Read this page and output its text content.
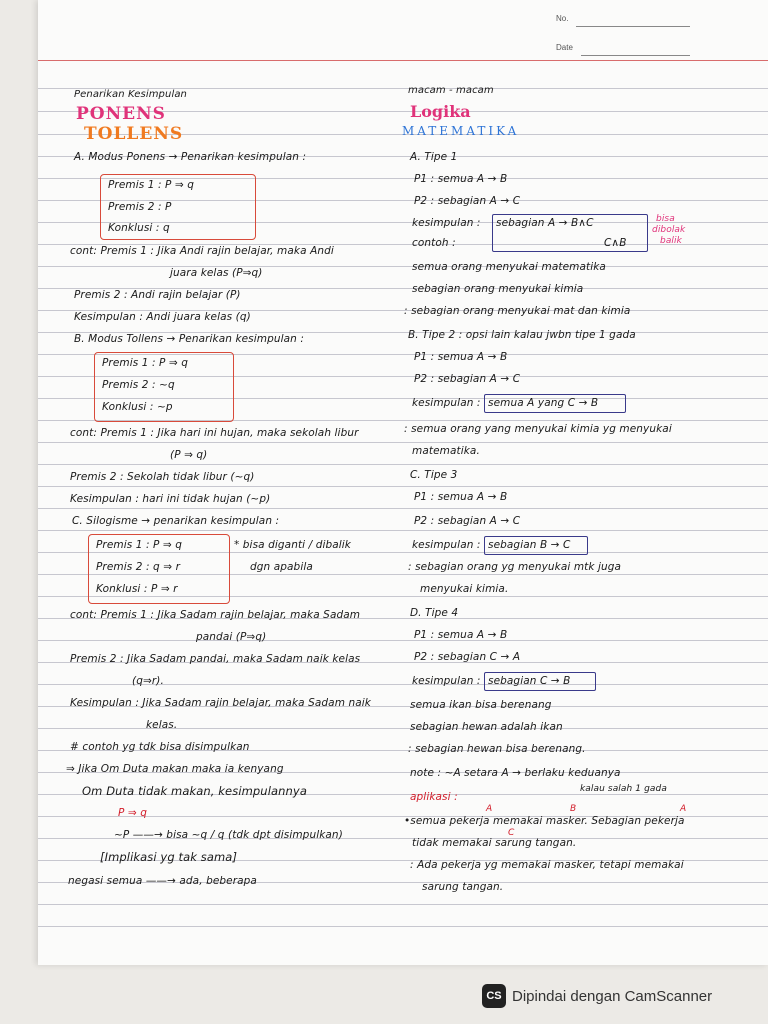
No.
Date
Penarikan Kesimpulan
PONENS
TOLLENS
A. Modus Ponens → Penarikan kesimpulan :
Premis 1 : P ⇒ q
Premis 2 : P
Konklusi : q
cont: Premis 1 : Jika Andi rajin belajar, maka Andi
juara kelas (P⇒q)
Premis 2 : Andi rajin belajar (P)
Kesimpulan : Andi juara kelas (q)
B. Modus Tollens → Penarikan kesimpulan :
Premis 1 : P ⇒ q
Premis 2 : ~q
Konklusi : ~p
cont: Premis 1 : Jika hari ini hujan, maka sekolah libur
(P ⇒ q)
Premis 2 : Sekolah tidak libur (~q)
Kesimpulan : hari ini tidak hujan (~p)
C. Silogisme → penarikan kesimpulan :
Premis 1 : P ⇒ q
Premis 2 : q ⇒ r
Konklusi : P ⇒ r
* bisa diganti / dibalik
dgn apabila
cont: Premis 1 : Jika Sadam rajin belajar, maka Sadam
pandai (P⇒q)
Premis 2 : Jika Sadam pandai, maka Sadam naik kelas
(q⇒r).
Kesimpulan : Jika Sadam rajin belajar, maka Sadam naik
kelas.
# contoh yg tdk bisa disimpulkan
⇒ Jika Om Duta makan maka ia kenyang
Om Duta tidak makan, kesimpulannya
P ⇒ q
~P ——→ bisa ~q / q (tdk dpt disimpulkan)
[Implikasi yg tak sama]
negasi semua ——→ ada, beberapa
macam - macam
Logika
MATEMATIKA
A. Tipe 1
P1 : semua A → B
P2 : sebagian A → C
kesimpulan : sebagian A → B∧C
contoh :	C∧B
bisa
dibolak
balik
semua orang menyukai matematika
sebagian orang menyukai kimia
: sebagian orang menyukai mat dan kimia
B. Tipe 2 : opsi lain kalau jwbn tipe 1 gada
P1 : semua A → B
P2 : sebagian A → C
kesimpulan : semua A yang C → B
: semua orang yang menyukai kimia yg menyukai
matematika.
C. Tipe 3
P1 : semua A → B
P2 : sebagian A → C
kesimpulan : sebagian B → C
: sebagian orang yg menyukai mtk juga
menyukai kimia.
D. Tipe 4
P1 : semua A → B
P2 : sebagian C → A
kesimpulan : sebagian C → B
semua ikan bisa berenang
sebagian hewan adalah ikan
: sebagian hewan bisa berenang.
note : ~A setara A → berlaku keduanya
kalau salah 1 gada
aplikasi :
A	B	A
•semua pekerja memakai masker. Sebagian pekerja
C
tidak memakai sarung tangan.
: Ada pekerja yg memakai masker, tetapi memakai
sarung tangan.
CS Dipindai dengan CamScanner
